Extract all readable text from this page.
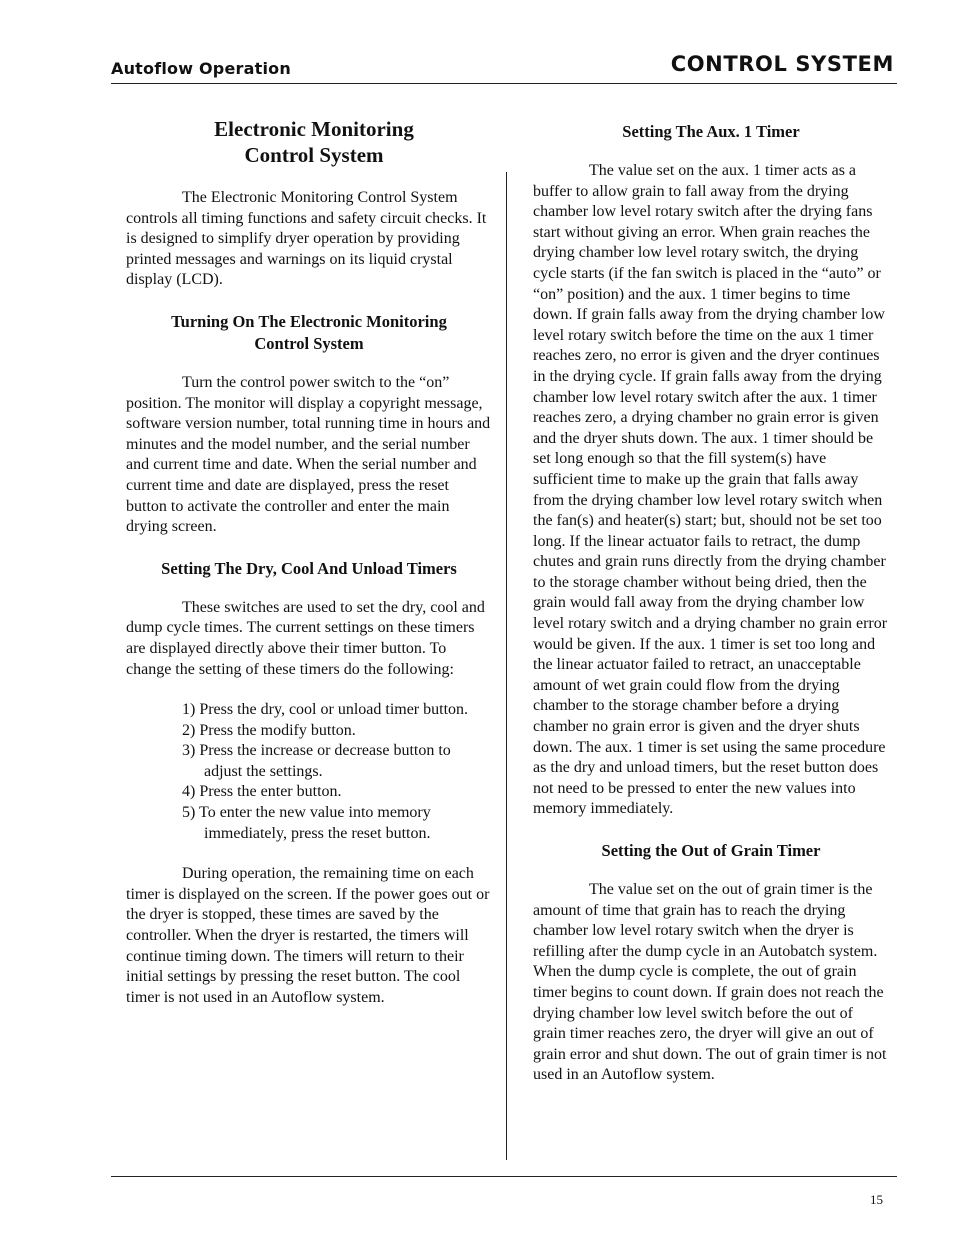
Autoflow Operation	CONTROL SYSTEM
Electronic Monitoring
Control System

The Electronic Monitoring Control System controls all timing functions and safety circuit checks. It is designed to simplify dryer operation by providing printed messages and warnings on its liquid crystal display (LCD).

Turning On The Electronic Monitoring
Control System

Turn the control power switch to the “on” position. The monitor will display a copyright message, software version number, total running time in hours and minutes and the model number, and the serial number and current time and date. When the serial number and current time and date are displayed, press the reset button to activate the controller and enter the main drying screen.

Setting The Dry, Cool And Unload Timers

These switches are used to set the dry, cool and dump cycle times. The current settings on these timers are displayed directly above their timer button. To change the setting of these timers do the following:

1) Press the dry, cool or unload timer button.
2) Press the modify button.
3) Press the increase or decrease button to adjust the settings.
4) Press the enter button.
5) To enter the new value into memory immediately, press the reset button.

During operation, the remaining time on each timer is displayed on the screen. If the power goes out or the dryer is stopped, these times are saved by the controller. When the dryer is restarted, the timers will continue timing down. The timers will return to their initial settings by pressing the reset button. The cool timer is not used in an Autoflow system.

Setting The Aux. 1 Timer

The value set on the aux. 1 timer acts as a buffer to allow grain to fall away from the drying chamber low level rotary switch after the drying fans start without giving an error. When grain reaches the drying chamber low level rotary switch, the drying cycle starts (if the fan switch is placed in the “auto” or “on” position) and the aux. 1 timer begins to time down. If grain falls away from the drying chamber low level rotary switch before the time on the aux 1 timer reaches zero, no error is given and the dryer continues in the drying cycle. If grain falls away from the drying chamber low level rotary switch after the aux. 1 timer reaches zero, a drying chamber no grain error is given and the dryer shuts down. The aux. 1 timer should be set long enough so that the fill system(s) have sufficient time to make up the grain that falls away from the drying chamber low level rotary switch when the fan(s) and heater(s) start; but, should not be set too long. If the linear actuator fails to retract, the dump chutes and grain runs directly from the drying chamber to the storage chamber without being dried, then the grain would fall away from the drying chamber low level rotary switch and a drying chamber no grain error would be given. If the aux. 1 timer is set too long and the linear actuator failed to retract, an unacceptable amount of wet grain could flow from the drying chamber to the storage chamber before a drying chamber no grain error is given and the dryer shuts down. The aux. 1 timer is set using the same procedure as the dry and unload timers, but the reset button does not need to be pressed to enter the new values into memory immediately.

Setting the Out of Grain Timer

The value set on the out of grain timer is the amount of time that grain has to reach the drying chamber low level rotary switch when the dryer is refilling after the dump cycle in an Autobatch system. When the dump cycle is complete, the out of grain timer begins to count down. If grain does not reach the drying chamber low level switch before the out of grain timer reaches zero, the dryer will give an out of grain error and shut down. The out of grain timer is not used in an Autoflow system.

15
